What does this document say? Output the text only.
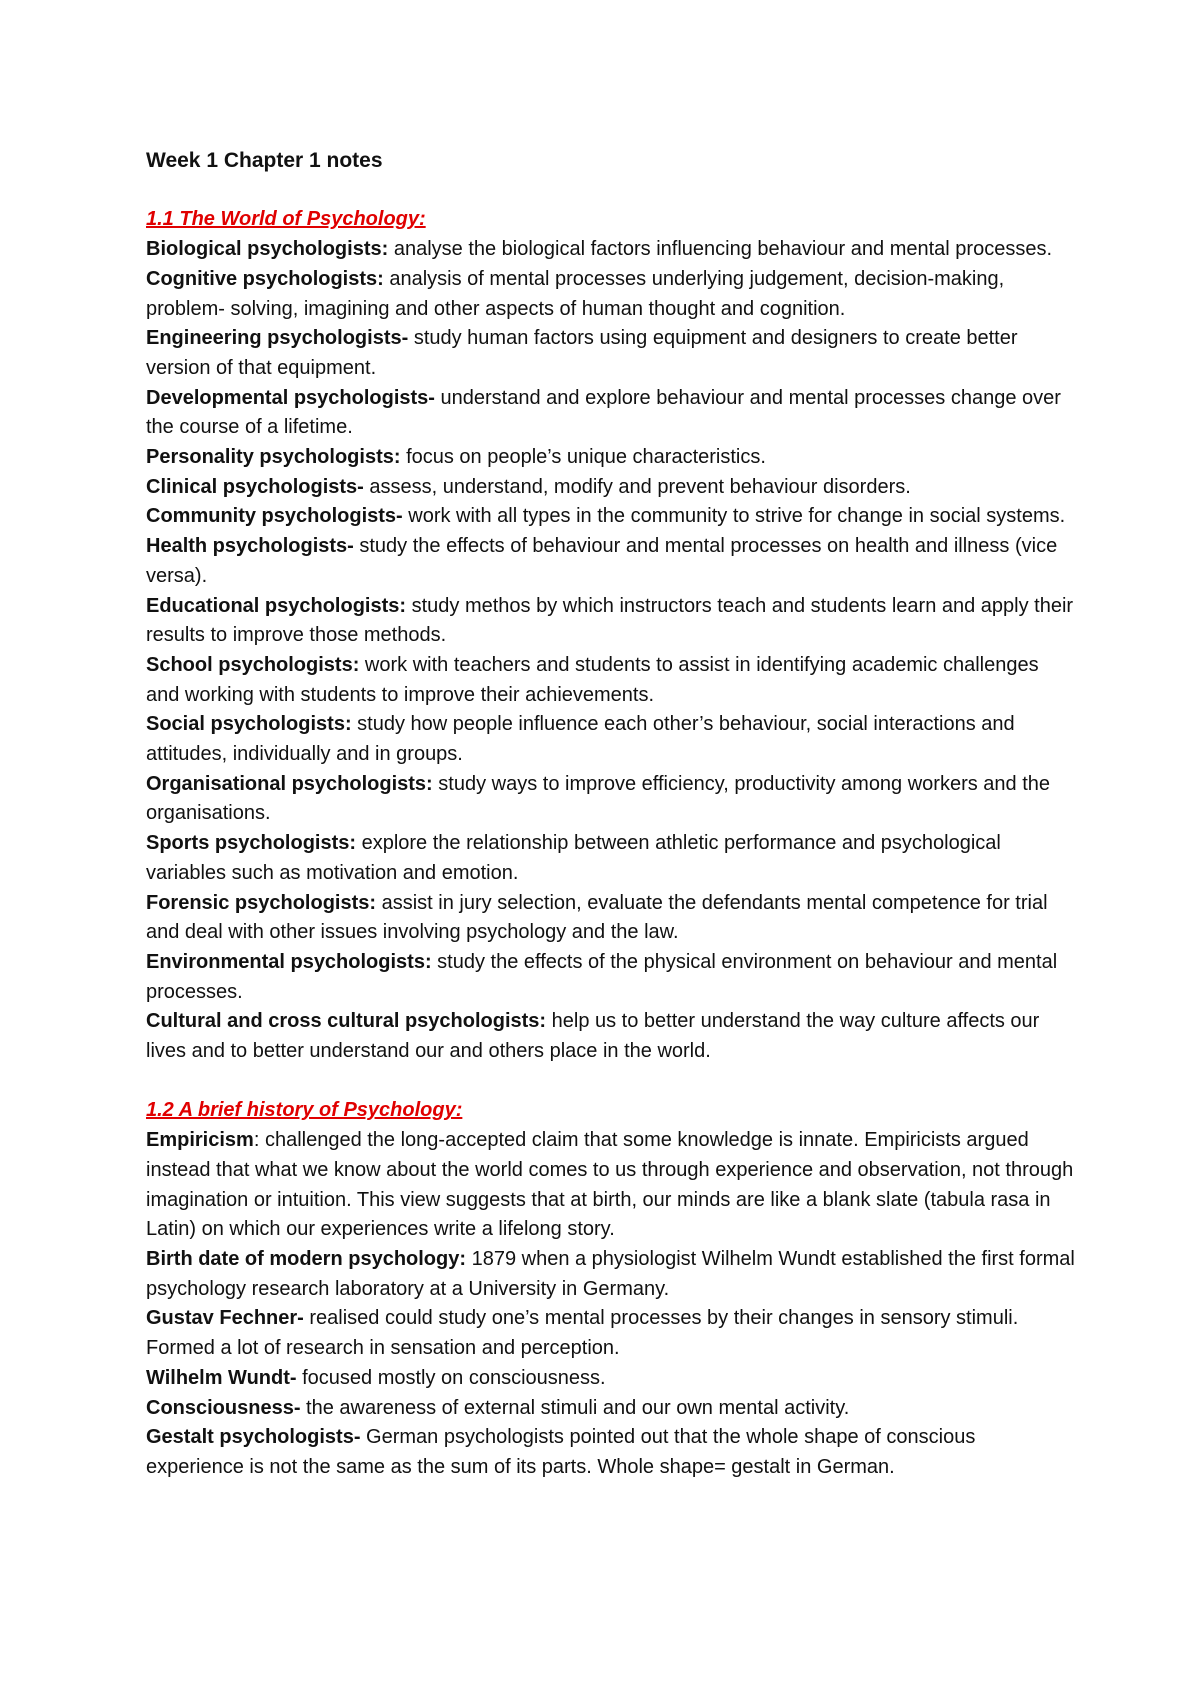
Week 1 Chapter 1 notes

1.1 The World of Psychology:

Biological psychologists: analyse the biological factors influencing behaviour and mental processes.

Cognitive psychologists: analysis of mental processes underlying judgement, decision-making, problem- solving, imagining and other aspects of human thought and cognition.

Engineering psychologists- study human factors using equipment and designers to create better version of that equipment.

Developmental psychologists- understand and explore behaviour and mental processes change over the course of a lifetime.

Personality psychologists: focus on people’s unique characteristics.

Clinical psychologists- assess, understand, modify and prevent behaviour disorders.

Community psychologists- work with all types in the community to strive for change in social systems.

Health psychologists- study the effects of behaviour and mental processes on health and illness (vice versa).

Educational psychologists: study methos by which instructors teach and students learn and apply their results to improve those methods.

School psychologists: work with teachers and students to assist in identifying academic challenges and working with students to improve their achievements.

Social psychologists: study how people influence each other’s behaviour, social interactions and attitudes, individually and in groups.

Organisational psychologists: study ways to improve efficiency, productivity among workers and the organisations.

Sports psychologists: explore the relationship between athletic performance and psychological variables such as motivation and emotion.

Forensic psychologists: assist in jury selection, evaluate the defendants mental competence for trial and deal with other issues involving psychology and the law.

Environmental psychologists: study the effects of the physical environment on behaviour and mental processes.

Cultural and cross cultural psychologists: help us to better understand the way culture affects our lives and to better understand our and others place in the world.

1.2 A brief history of Psychology:

Empiricism: challenged the long-accepted claim that some knowledge is innate. Empiricists argued instead that what we know about the world comes to us through experience and observation, not through imagination or intuition. This view suggests that at birth, our minds are like a blank slate (tabula rasa in Latin) on which our experiences write a lifelong story.

Birth date of modern psychology: 1879 when a physiologist Wilhelm Wundt established the first formal psychology research laboratory at a University in Germany.

Gustav Fechner- realised could study one’s mental processes by their changes in sensory stimuli. Formed a lot of research in sensation and perception.

Wilhelm Wundt- focused mostly on consciousness.

Consciousness- the awareness of external stimuli and our own mental activity.

Gestalt psychologists- German psychologists pointed out that the whole shape of conscious experience is not the same as the sum of its parts. Whole shape= gestalt in German.
